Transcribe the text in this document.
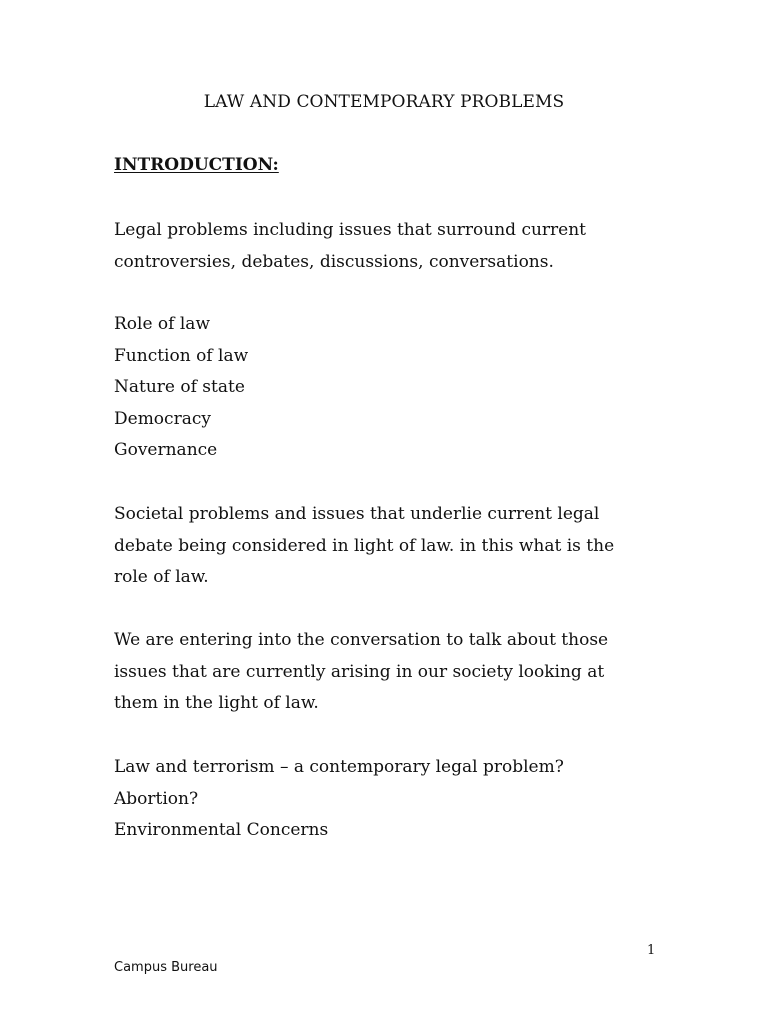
LAW AND CONTEMPORARY PROBLEMS
INTRODUCTION:
Legal problems including issues that surround current
controversies, debates, discussions, conversations.
Role of law
Function of law
Nature of state
Democracy
Governance
Societal problems and issues that underlie current legal
debate being considered in light of law. in this what is the
role of law.
We are entering into the conversation to talk about those
issues that are currently arising in our society looking at
them in the light of law.
Law and terrorism – a contemporary legal problem?
Abortion?
Environmental Concerns
1
Campus Bureau
